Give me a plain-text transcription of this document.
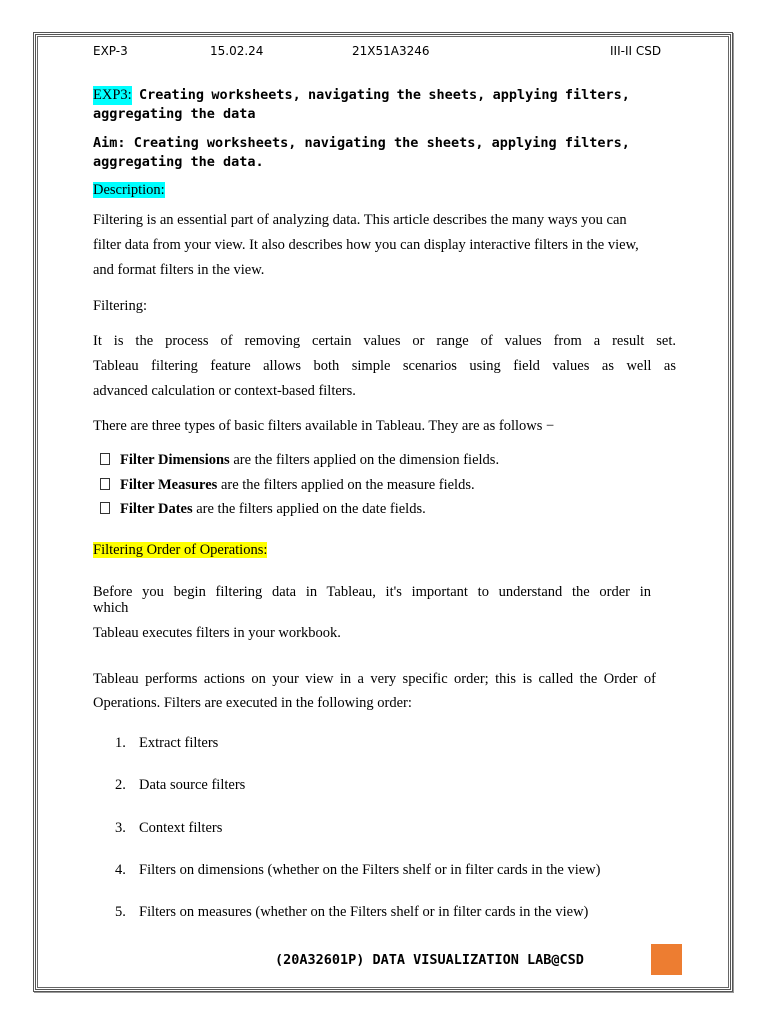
EXP-3	15.02.24	21X51A3246	III-II CSD
EXP3: Creating worksheets, navigating the sheets, applying filters,
aggregating the data
Aim: Creating worksheets, navigating the sheets, applying filters,
aggregating the data.
Description:
Filtering is an essential part of analyzing data. This article describes the many ways you can
filter data from your view. It also describes how you can display interactive filters in the view,
and format filters in the view.
Filtering:
It is the process of removing certain values or range of values from a result set.
Tableau filtering feature allows both simple scenarios using field values as well as
advanced calculation or context-based filters.
There are three types of basic filters available in Tableau. They are as follows −
Filter Dimensions are the filters applied on the dimension fields.
Filter Measures are the filters applied on the measure fields.
Filter Dates are the filters applied on the date fields.
Filtering Order of Operations:
Before you begin filtering data in Tableau, it's important to understand the order in
which
Tableau executes filters in your workbook.
Tableau performs actions on your view in a very specific order; this is called the Order of
Operations. Filters are executed in the following order:
1. Extract filters
2. Data source filters
3. Context filters
4. Filters on dimensions (whether on the Filters shelf or in filter cards in the view)
5. Filters on measures (whether on the Filters shelf or in filter cards in the view)
(20A32601P) DATA VISUALIZATION LAB@CSD
